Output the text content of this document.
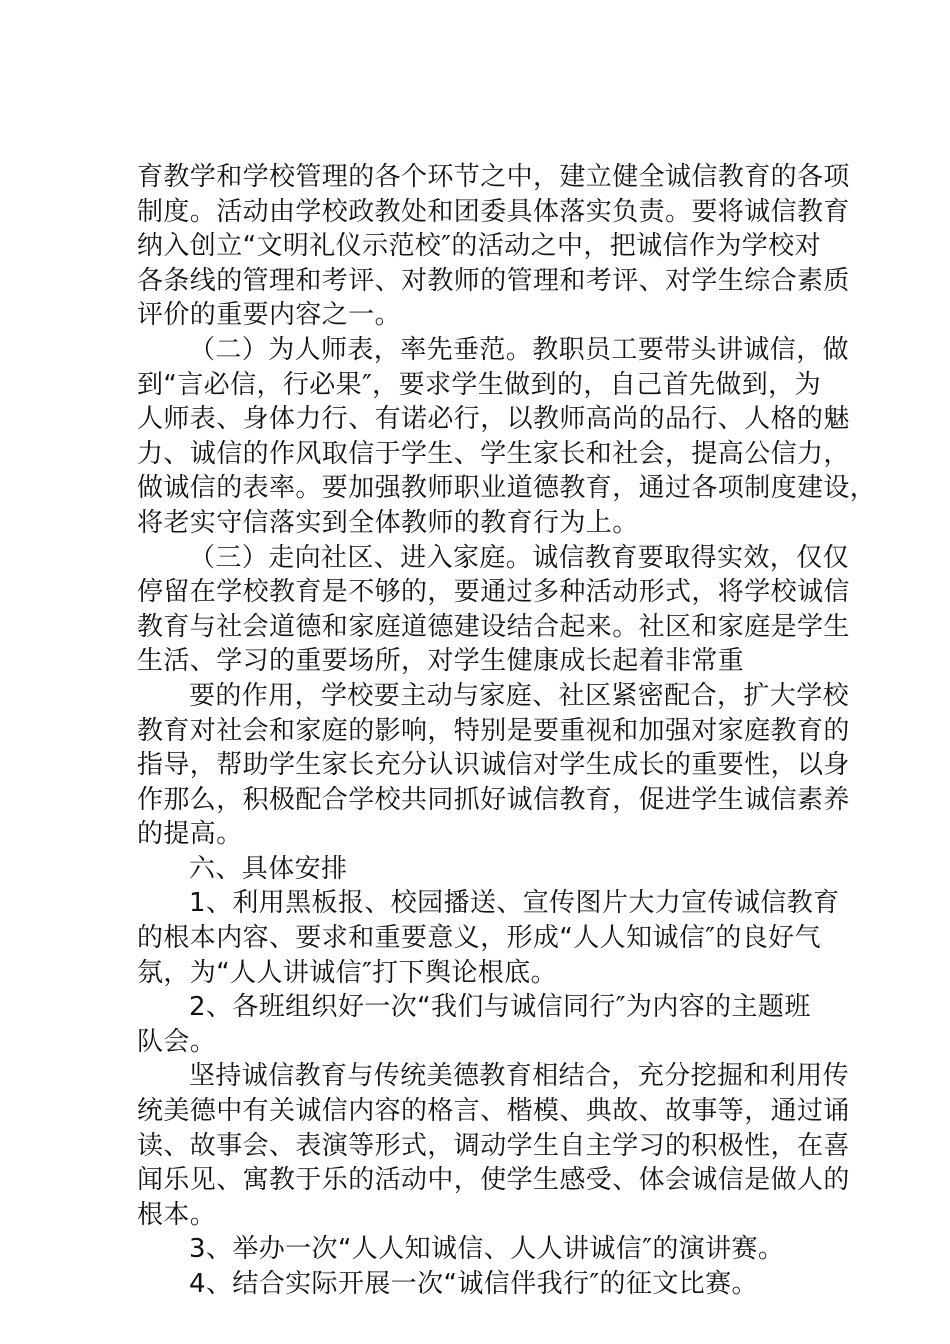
育教学和学校管理的各个环节之中，建立健全诚信教育的各项
制度。活动由学校政教处和团委具体落实负责。要将诚信教育
纳入创立“文明礼仪示范校″的活动之中，把诚信作为学校对
各条线的管理和考评、对教师的管理和考评、对学生综合素质
评价的重要内容之一。
（二）为人师表，率先垂范。教职员工要带头讲诚信，做
到“言必信，行必果″，要求学生做到的，自己首先做到，为
人师表、身体力行、有诺必行，以教师高尚的品行、人格的魅
力、诚信的作风取信于学生、学生家长和社会，提高公信力，
做诚信的表率。要加强教师职业道德教育，通过各项制度建设，
将老实守信落实到全体教师的教育行为上。
（三）走向社区、进入家庭。诚信教育要取得实效，仅仅
停留在学校教育是不够的，要通过多种活动形式，将学校诚信
教育与社会道德和家庭道德建设结合起来。社区和家庭是学生
生活、学习的重要场所，对学生健康成长起着非常重
要的作用，学校要主动与家庭、社区紧密配合，扩大学校
教育对社会和家庭的影响，特别是要重视和加强对家庭教育的
指导，帮助学生家长充分认识诚信对学生成长的重要性，以身
作那么，积极配合学校共同抓好诚信教育，促进学生诚信素养
的提高。
六、具体安排
1、利用黑板报、校园播送、宣传图片大力宣传诚信教育
的根本内容、要求和重要意义，形成“人人知诚信″的良好气
氛，为“人人讲诚信″打下舆论根底。
2、各班组织好一次“我们与诚信同行″为内容的主题班
队会。
坚持诚信教育与传统美德教育相结合，充分挖掘和利用传
统美德中有关诚信内容的格言、楷模、典故、故事等，通过诵
读、故事会、表演等形式，调动学生自主学习的积极性，在喜
闻乐见、寓教于乐的活动中，使学生感受、体会诚信是做人的
根本。
3、举办一次“人人知诚信、人人讲诚信″的演讲赛。
4、结合实际开展一次“诚信伴我行″的征文比赛。
